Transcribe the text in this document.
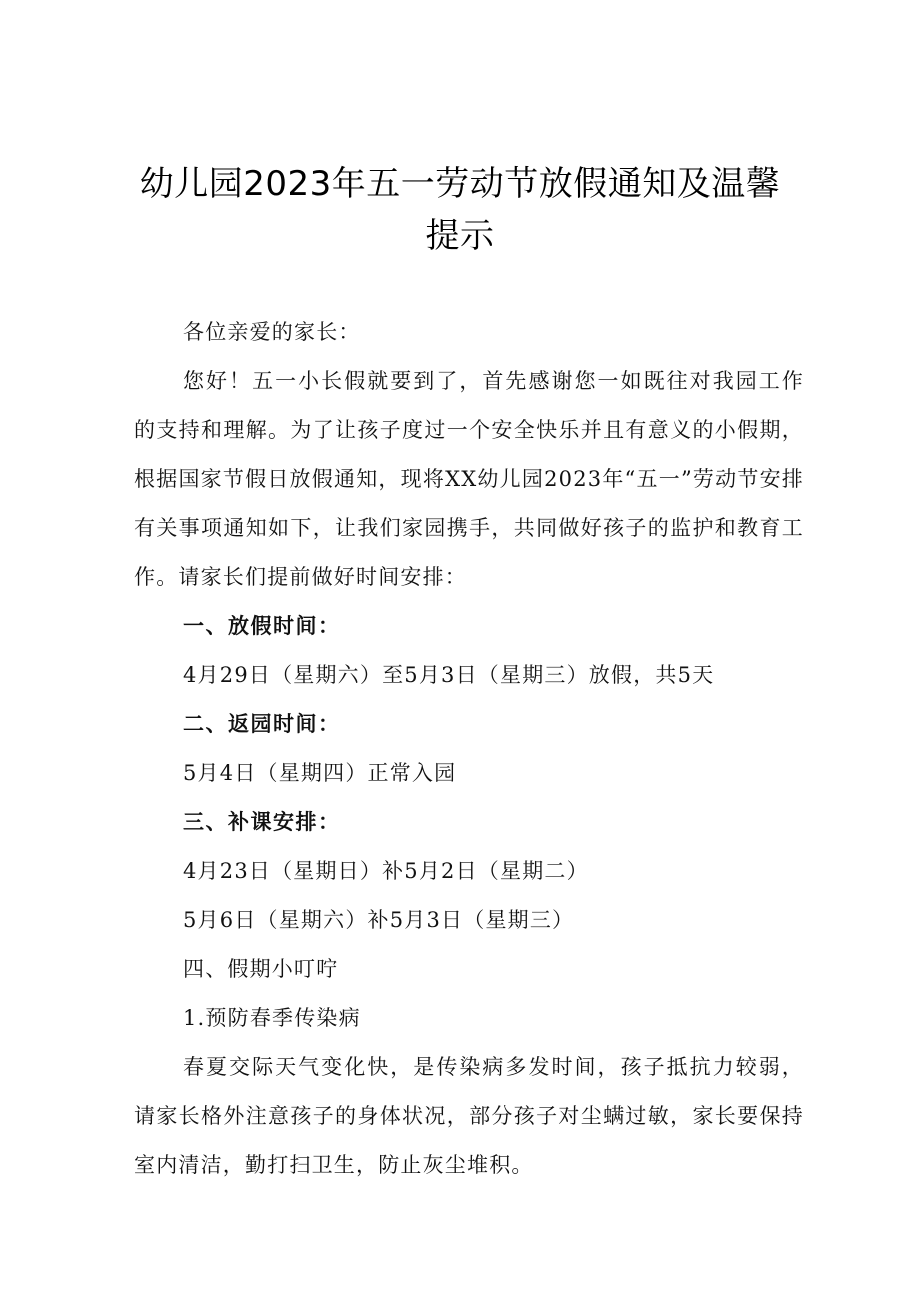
幼儿园2023年五一劳动节放假通知及温馨
提示

各位亲爱的家长：

您好！五一小长假就要到了，首先感谢您一如既往对我园工作的支持和理解。为了让孩子度过一个安全快乐并且有意义的小假期，根据国家节假日放假通知，现将XX幼儿园2023年“五一”劳动节安排有关事项通知如下，让我们家园携手，共同做好孩子的监护和教育工作。请家长们提前做好时间安排：

一、放假时间：

4月29日（星期六）至5月3日（星期三）放假，共5天

二、返园时间：

5月4日（星期四）正常入园

三、补课安排：

4月23日（星期日）补5月2日（星期二）

5月6日（星期六）补5月3日（星期三）

四、假期小叮咛

1.预防春季传染病

春夏交际天气变化快，是传染病多发时间，孩子抵抗力较弱，请家长格外注意孩子的身体状况，部分孩子对尘螨过敏，家长要保持室内清洁，勤打扫卫生，防止灰尘堆积。
